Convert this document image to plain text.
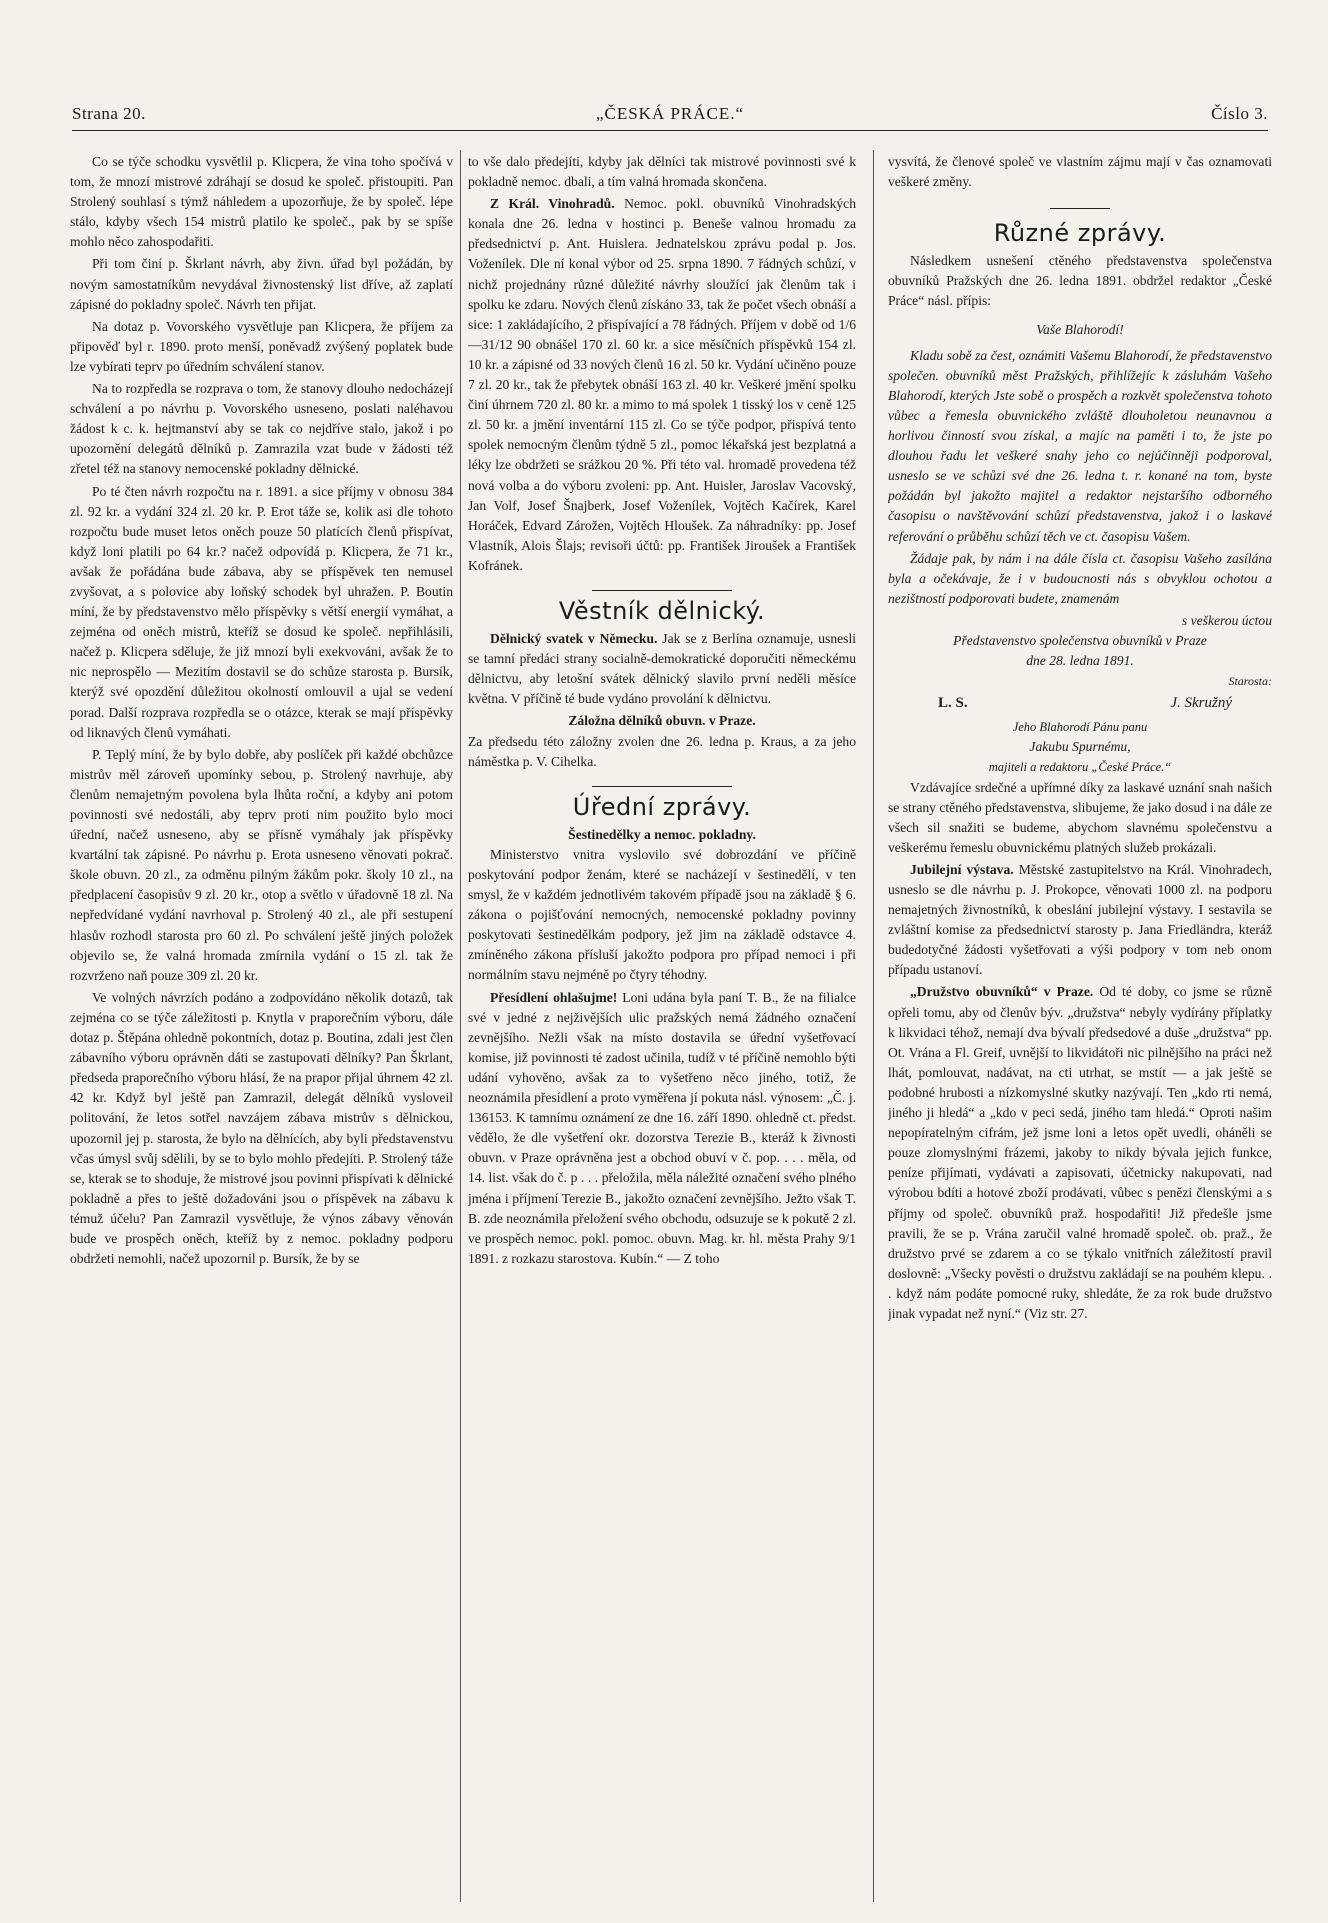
Strana 20.	„ČESKÁ PRÁCE.“	Číslo 3.

Co se týče schodku vysvětlil p. Klicpera, že vina toho spočívá v tom, že mnozí mistrové zdráhají se dosud ke společ. přistoupiti. Pan Strolený souhlasí s týmž náhledem a upozorňuje, že by společ. lépe stálo, kdyby všech 154 mistrů platilo ke společ., pak by se spíše mohlo něco zahospodařiti.

Při tom činí p. Škrlant návrh, aby živn. úřad byl požádán, by novým samostatníkům nevydával živnostenský list dříve, až zaplatí zápisné do pokladny společ. Návrh ten přijat.

Na dotaz p. Vovorského vysvětluje pan Klicpera, že příjem za připověď byl r. 1890. proto menší, poněvadž zvýšený poplatek bude lze vybírati teprv po úředním schválení stanov.

Na to rozpředla se rozprava o tom, že stanovy dlouho nedocházejí schválení a po návrhu p. Vovorského usneseno, poslati naléhavou žádost k c. k. hejtmanství aby se tak co nejdříve stalo, jakož i po upozornění delegátů dělníků p. Zamrazila vzat bude v žádosti též zřetel též na stanovy nemocenské pokladny dělnické.

Po té čten návrh rozpočtu na r. 1891. a sice příjmy v obnosu 384 zl. 92 kr. a vydání 324 zl. 20 kr. P. Erot táže se, kolik asi dle tohoto rozpočtu bude muset letos oněch pouze 50 platících členů přispívat, když loni platili po 64 kr.? načež odpovídá p. Klicpera, že 71 kr., avšak že pořádána bude zábava, aby se příspěvek ten nemusel zvyšovat, a s polovice aby loňský schodek byl uhražen. P. Boutin míní, že by představenstvo mělo příspěvky s větší energií vymáhat, a zejména od oněch mistrů, kteříž se dosud ke společ. nepřihlásili, načež p. Klicpera sděluje, že již mnozí byli exekvováni, avšak že to nic neprospělo — Mezitím dostavil se do schůze starosta p. Bursík, kterýž své opozdění důležitou okolností omlouvil a ujal se vedení porad. Další rozprava rozpředla se o otázce, kterak se mají příspěvky od liknavých členů vymáhati.

P. Teplý míní, že by bylo dobře, aby poslíček při každé obchůzce mistrův měl zároveň upomínky sebou, p. Strolený navrhuje, aby členům nemajetným povolena byla lhůta roční, a kdyby ani potom povinnosti své nedostáli, aby teprv proti nim použito bylo moci úřední, načež usneseno, aby se přísně vymáhaly jak příspěvky kvartální tak zápisné. Po návrhu p. Erota usneseno věnovati pokrač. škole obuvn. 20 zl., za odměnu pilným žákům pokr. školy 10 zl., na předplacení časopisův 9 zl. 20 kr., otop a světlo v úřadovně 18 zl. Na nepředvídané vydání navrhoval p. Strolený 40 zl., ale při sestupení hlasův rozhodl starosta pro 60 zl. Po schválení ještě jiných položek objevilo se, že valná hromada zmírnila vydání o 15 zl. tak že rozvrženo naň pouze 309 zl. 20 kr.

Ve volných návrzích podáno a zodpovídáno několik dotazů, tak zejména co se týče záležitosti p. Knytla v praporečním výboru, dále dotaz p. Štěpána ohledně pokontních, dotaz p. Boutina, zdali jest člen zábavního výboru oprávněn dáti se zastupovati dělníky? Pan Škrlant, předseda praporečního výboru hlásí, že na prapor přijal úhrnem 42 zl. 42 kr. Když byl ještě pan Zamrazil, delegát dělníků vysloveil politování, že letos sotřel navzájem zábava mistrův s dělnickou, upozornil jej p. starosta, že bylo na dělnících, aby byli představenstvu včas úmysl svůj sdělili, by se to bylo mohlo předejíti. P. Strolený táže se, kterak se to shoduje, že mistrové jsou povinni přispívati k dělnické pokladně a přes to ještě dožadováni jsou o příspěvek na zábavu k témuž účelu? Pan Zamrazil vysvětluje, že výnos zábavy věnován bude ve prospěch oněch, kteříž by z nemoc. pokladny podporu obdržeti nemohli, načež upozornil p. Bursík, že by se

to vše dalo předejíti, kdyby jak dělníci tak mistrové povinnosti své k pokladně nemoc. dbali, a tím valná hromada skončena.

Z Král. Vinohradů. Nemoc. pokl. obuvníků Vinohradských konala dne 26. ledna v hostinci p. Beneše valnou hromadu za předsednictví p. Ant. Huislera. Jednatelskou zprávu podal p. Jos. Voženílek. Dle ní konal výbor od 25. srpna 1890. 7 řádných schůzí, v nichž projednány různé důležité návrhy sloužící jak členům tak i spolku ke zdaru. Nových členů získáno 33, tak že počet všech obnáší a sice: 1 zakládajícího, 2 přispívající a 78 řádných. Příjem v době od 1/6—31/12 90 obnášel 170 zl. 60 kr. a sice měsíčních příspěvků 154 zl. 10 kr. a zápisné od 33 nových členů 16 zl. 50 kr. Vydání učiněno pouze 7 zl. 20 kr., tak že přebytek obnáší 163 zl. 40 kr. Veškeré jmění spolku činí úhrnem 720 zl. 80 kr. a mimo to má spolek 1 tisský los v ceně 125 zl. 50 kr. a jmění inventární 115 zl. Co se týče podpor, přispívá tento spolek nemocným členům týdně 5 zl., pomoc lékařská jest bezplatná a léky lze obdržeti se srážkou 20 %. Při této val. hromadě provedena též nová volba a do výboru zvoleni: pp. Ant. Huisler, Jaroslav Vacovský, Jan Volf, Josef Šnajberk, Josef Voženílek, Vojtěch Kačírek, Karel Horáček, Edvard Zárožen, Vojtěch Hloušek. Za náhradníky: pp. Josef Vlastník, Alois Šlajs; revisoři účtů: pp. František Jiroušek a František Kofránek.

Věstník dělnický.

Dělnický svatek v Německu. Jak se z Berlína oznamuje, usnesli se tamní předáci strany socialně-demokratické doporučiti německému dělnictvu, aby letošní svátek dělnický slavilo první neděli měsíce května. V příčině té bude vydáno provolání k dělnictvu.

Záložna dělníků obuvn. v Praze.

Za předsedu této záložny zvolen dne 26. ledna p. Kraus, a za jeho náměstka p. V. Cihelka.

Úřední zprávy.

Šestinedělky a nemoc. pokladny.

Ministerstvo vnitra vyslovilo své dobrozdání ve příčině poskytování podpor ženám, které se nacházejí v šestinedělí, v ten smysl, že v každém jednotlivém takovém případě jsou na základě § 6. zákona o pojišťování nemocných, nemocenské pokladny povinny poskytovati šestinedělkám podpory, jež jim na základě odstavce 4. zmíněného zákona přísluší jakožto podpora pro případ nemoci i při normálním stavu nejméně po čtyry téhodny.

Přesídlení ohlašujme! Loni udána byla paní T. B., že na filialce své v jedné z nejživějších ulic pražských nemá žádného označení zevnějšího. Nežli však na místo dostavila se úřední vyšetřovací komise, již povinnosti té zadost učinila, tudíž v té příčině nemohlo býti udání vyhověno, avšak za to vyšetřeno něco jiného, totiž, že neoznámila přesídlení a proto vyměřena jí pokuta násl. výnosem: „Č. j. 136153. K tamnímu oznámení ze dne 16. září 1890. ohledně ct. předst. vědělo, že dle vyšetření okr. dozorstva Terezie B., kteráž k živnosti obuvn. v Praze oprávněna jest a obchod obuví v č. pop. . . . měla, od 14. list. však do č. p . . . přeložila, měla náležité označení svého plného jména i příjmení Terezie B., jakožto označení zevnějšího. Ježto však T. B. zde neoznámila přeložení svého obchodu, odsuzuje se k pokutě 2 zl. ve prospěch nemoc. pokl. pomoc. obuvn. Mag. kr. hl. města Prahy 9/1 1891. z rozkazu starostova. Kubín.“ — Z toho

vysvítá, že členové společ ve vlastním zájmu mají v čas oznamovati veškeré změny.

Různé zprávy.

Následkem usnešení ctěného představenstva společenstva obuvníků Pražských dne 26. ledna 1891. obdržel redaktor „České Práce“ násl. přípis:

Vaše Blahorodí!

Kladu sobě za čest, oznámiti Vašemu Blahorodí, že představenstvo společen. obuvníků měst Pražských, přihlížejíc k zásluhám Vašeho Blahorodí, kterých Jste sobě o prospěch a rozkvět společenstva tohoto vůbec a řemesla obuvnického zvláště dlouholetou neunavnou a horlivou činností svou získal, a majíc na paměti i to, že jste po dlouhou řadu let veškeré snahy jeho co nejúčinněji podporoval, usneslo se ve schůzi své dne 26. ledna t. r. konané na tom, byste požádán byl jakožto majitel a redaktor nejstaršího odborného časopisu o navštěvování schůzí představenstva, jakož i o laskavé referování o průběhu schůzí těch ve ct. časopisu Vašem.

Žádaje pak, by nám i na dále čísla ct. časopisu Vašeho zasílána byla a očekávaje, že i v budoucnosti nás s obvyklou ochotou a nezištností podporovati budete, znamenám

s veškerou úctou

Představenstvo společenstva obuvníků v Praze

dne 28. ledna 1891.

Starosta:

L. S.	J. Skružný

Jeho Blahorodí Pánu panu

Jakubu Spurnému,

majiteli a redaktoru „České Práce.“

Vzdávajíce srdečné a upřímné díky za laskavé uznání snah našich se strany ctěného představenstva, slibujeme, že jako dosud i na dále ze všech sil snažiti se budeme, abychom slavnému společenstvu a veškerému řemeslu obuvnickému platných služeb prokázali.

Jubilejní výstava. Městské zastupitelstvo na Král. Vinohradech, usneslo se dle návrhu p. J. Prokopce, věnovati 1000 zl. na podporu nemajetných živnostníků, k obeslání jubilejní výstavy. I sestavila se zvláštní komise za předsednictví starosty p. Jana Friedländra, kteráž budedotyčné žádosti vyšetřovati a výši podpory v tom neb onom případu ustanoví.

„Družstvo obuvníků“ v Praze. Od té doby, co jsme se různě opřeli tomu, aby od členův býv. „družstva“ nebyly vydírány příplatky k likvidaci téhož, nemají dva bývalí předsedové a duše „družstva“ pp. Ot. Vrána a Fl. Greif, uvnější to likvidátoři nic pilnějšího na práci než lhát, pomlouvat, nadávat, na cti utrhat, se mstít — a jak ještě se podobné hrubosti a nízkomyslné skutky nazývají. Ten „kdo rti nemá, jiného ji hledá“ a „kdo v peci sedá, jiného tam hledá.“ Oproti našim nepopíratelným cifrám, jež jsme loni a letos opět uvedli, oháněli se pouze zlomyslnými frázemi, jakoby to nikdy bývala jejich funkce, peníze přijímati, vydávati a zapisovati, účetnicky nakupovati, nad výrobou bdíti a hotové zboží prodávati, vůbec s penězi členskými a s příjmy od společ. obuvníků praž. hospodařiti! Již předešle jsme pravili, že se p. Vrána zaručil valné hromadě společ. ob. praž., že družstvo prvé se zdarem a co se týkalo vnitřních záležitostí pravil doslovně: „Všecky pověsti o družstvu zakládají se na pouhém klepu. . . když nám podáte pomocné ruky, shledáte, že za rok bude družstvo jinak vypadat než nyní.“ (Viz str. 27.
